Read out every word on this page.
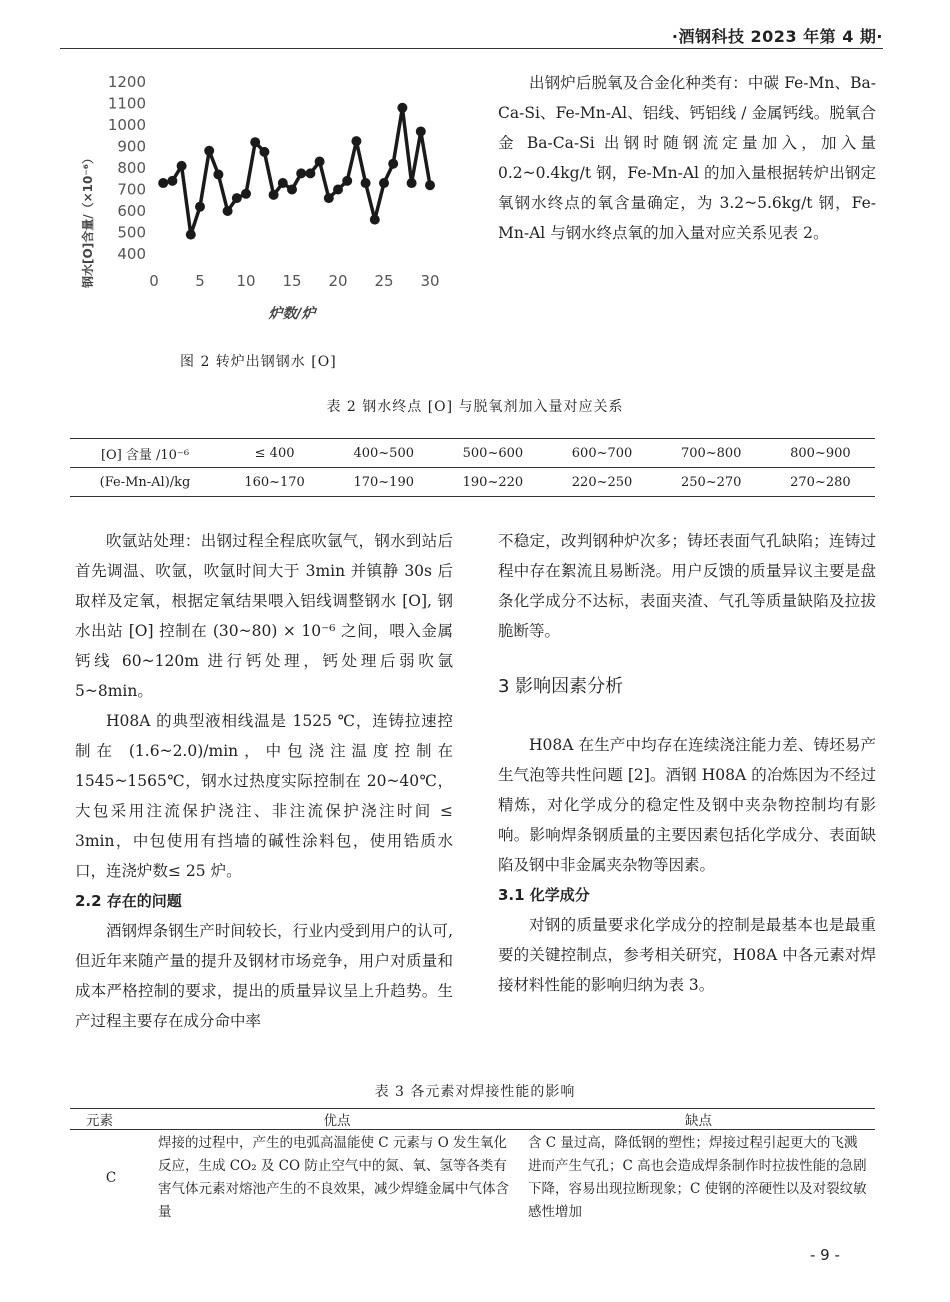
·酒钢科技 2023 年第 4 期·
400
500
600
700
800
900
1000
1100
1200
0 5 10 15 20 25 30
钢水[O]含量/（×10⁻⁶）
炉数/炉
图 2 转炉出钢钢水 [O]

出钢炉后脱氧及合金化种类有：中碳 Fe-Mn、Ba-Ca-Si、Fe-Mn-Al、铝线、钙铝线 / 金属钙线。脱氧合金 Ba-Ca-Si 出钢时随钢流定量加入，加入量 0.2~0.4kg/t 钢，Fe-Mn-Al 的加入量根据转炉出钢定氧钢水终点的氧含量确定，为 3.2~5.6kg/t 钢，Fe-Mn-Al 与钢水终点氧的加入量对应关系见表 2。

表 2 钢水终点 [O] 与脱氧剂加入量对应关系
[O] 含量 /10⁻⁶	≤ 400	400~500	500~600	600~700	700~800	800~900
(Fe-Mn-Al)/kg	160~170	170~190	190~220	220~250	250~270	270~280

吹氩站处理：出钢过程全程底吹氩气，钢水到站后首先调温、吹氩，吹氩时间大于 3min 并镇静 30s 后取样及定氧，根据定氧结果喂入铝线调整钢水 [O], 钢水出站 [O] 控制在 (30~80) × 10⁻⁶ 之间，喂入金属钙线 60~120m 进行钙处理，钙处理后弱吹氩 5~8min。

H08A 的典型液相线温是 1525 ℃，连铸拉速控制在 (1.6~2.0)/min，中包浇注温度控制在 1545~1565℃，钢水过热度实际控制在 20~40℃，大包采用注流保护浇注、非注流保护浇注时间 ≤ 3min，中包使用有挡墙的碱性涂料包，使用锆质水口，连浇炉数≤ 25 炉。

2.2 存在的问题

酒钢焊条钢生产时间较长，行业内受到用户的认可,但近年来随产量的提升及钢材市场竞争，用户对质量和成本严格控制的要求，提出的质量异议呈上升趋势。生产过程主要存在成分命中率

不稳定，改判钢种炉次多；铸坯表面气孔缺陷；连铸过程中存在絮流且易断浇。用户反馈的质量异议主要是盘条化学成分不达标，表面夹渣、气孔等质量缺陷及拉拔脆断等。

3 影响因素分析

H08A 在生产中均存在连续浇注能力差、铸坯易产生气泡等共性问题 [2]。酒钢 H08A 的冶炼因为不经过精炼，对化学成分的稳定性及钢中夹杂物控制均有影响。影响焊条钢质量的主要因素包括化学成分、表面缺陷及钢中非金属夹杂物等因素。

3.1 化学成分

对钢的质量要求化学成分的控制是最基本也是最重要的关键控制点，参考相关研究，H08A 中各元素对焊接材料性能的影响归纳为表 3。

表 3 各元素对焊接性能的影响
元素	优点	缺点
C	焊接的过程中，产生的电弧高温能使 C 元素与 O 发生氧化反应，生成 CO₂ 及 CO 防止空气中的氮、氧、氢等各类有害气体元素对熔池产生的不良效果，减少焊缝金属中气体含量	含 C 量过高，降低钢的塑性；焊接过程引起更大的飞溅进而产生气孔；C 高也会造成焊条制作时拉拔性能的急剧下降，容易出现拉断现象；C 使钢的淬硬性以及对裂纹敏感性增加
- 9 -
